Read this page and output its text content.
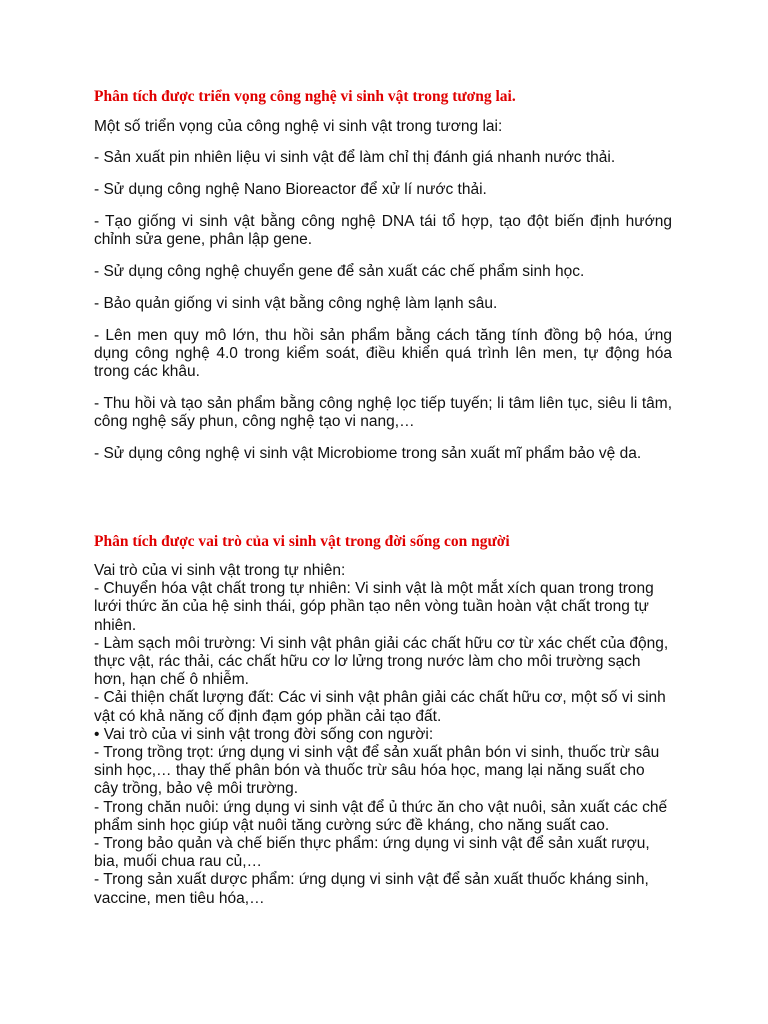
Phân tích được triển vọng công nghệ vi sinh vật trong tương lai.

Một số triển vọng của công nghệ vi sinh vật trong tương lai:

- Sản xuất pin nhiên liệu vi sinh vật để làm chỉ thị đánh giá nhanh nước thải.
- Sử dụng công nghệ Nano Bioreactor để xử lí nước thải.
- Tạo giống vi sinh vật bằng công nghệ DNA tái tổ hợp, tạo đột biến định hướng chỉnh sửa gene, phân lập gene.
- Sử dụng công nghệ chuyển gene để sản xuất các chế phẩm sinh học.
- Bảo quản giống vi sinh vật bằng công nghệ làm lạnh sâu.
- Lên men quy mô lớn, thu hồi sản phẩm bằng cách tăng tính đồng bộ hóa, ứng dụng công nghệ 4.0 trong kiểm soát, điều khiển quá trình lên men, tự động hóa trong các khâu.
- Thu hồi và tạo sản phẩm bằng công nghệ lọc tiếp tuyến; li tâm liên tục, siêu li tâm, công nghệ sấy phun, công nghệ tạo vi nang,…
- Sử dụng công nghệ vi sinh vật Microbiome trong sản xuất mĩ phẩm bảo vệ da.
Phân tích được vai trò của vi sinh vật trong đời sống con người

Vai trò của vi sinh vật trong tự nhiên:

- Chuyển hóa vật chất trong tự nhiên: Vi sinh vật là một mắt xích quan trong trong lưới thức ăn của hệ sinh thái, góp phần tạo nên vòng tuần hoàn vật chất trong tự nhiên.

- Làm sạch môi trường: Vi sinh vật phân giải các chất hữu cơ từ xác chết của động, thực vật, rác thải, các chất hữu cơ lơ lửng trong nước làm cho môi trường sạch hơn, hạn chế ô nhiễm.

- Cải thiện chất lượng đất: Các vi sinh vật phân giải các chất hữu cơ, một số vi sinh vật có khả năng cố định đạm góp phần cải tạo đất.

• Vai trò của vi sinh vật trong đời sống con người:

- Trong trồng trọt: ứng dụng vi sinh vật để sản xuất phân bón vi sinh, thuốc trừ sâu sinh học,… thay thế phân bón và thuốc trừ sâu hóa học, mang lại năng suất cho cây trồng, bảo vệ môi trường.

- Trong chăn nuôi: ứng dụng vi sinh vật để ủ thức ăn cho vật nuôi, sản xuất các chế phẩm sinh học giúp vật nuôi tăng cường sức đề kháng, cho năng suất cao.

- Trong bảo quản và chế biến thực phẩm: ứng dụng vi sinh vật để sản xuất rượu, bia, muối chua rau củ,…

- Trong sản xuất dược phẩm: ứng dụng vi sinh vật để sản xuất thuốc kháng sinh, vaccine, men tiêu hóa,…
